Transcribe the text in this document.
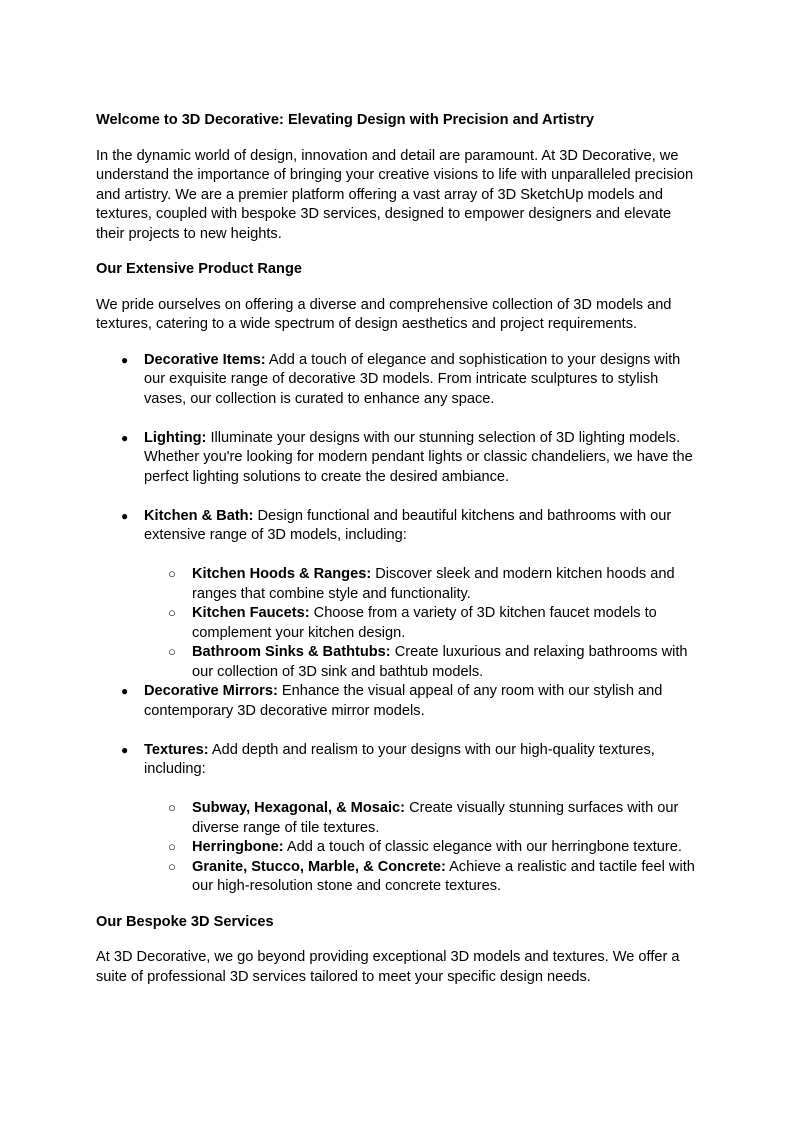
Welcome to 3D Decorative: Elevating Design with Precision and Artistry

In the dynamic world of design, innovation and detail are paramount. At 3D Decorative, we understand the importance of bringing your creative visions to life with unparalleled precision and artistry. We are a premier platform offering a vast array of 3D SketchUp models and textures, coupled with bespoke 3D services, designed to empower designers and elevate their projects to new heights.

Our Extensive Product Range

We pride ourselves on offering a diverse and comprehensive collection of 3D models and textures, catering to a wide spectrum of design aesthetics and project requirements.

● Decorative Items: Add a touch of elegance and sophistication to your designs with our exquisite range of decorative 3D models. From intricate sculptures to stylish vases, our collection is curated to enhance any space.
● Lighting: Illuminate your designs with our stunning selection of 3D lighting models. Whether you're looking for modern pendant lights or classic chandeliers, we have the perfect lighting solutions to create the desired ambiance.
● Kitchen & Bath: Design functional and beautiful kitchens and bathrooms with our extensive range of 3D models, including:
○ Kitchen Hoods & Ranges: Discover sleek and modern kitchen hoods and ranges that combine style and functionality.
○ Kitchen Faucets: Choose from a variety of 3D kitchen faucet models to complement your kitchen design.
○ Bathroom Sinks & Bathtubs: Create luxurious and relaxing bathrooms with our collection of 3D sink and bathtub models.
● Decorative Mirrors: Enhance the visual appeal of any room with our stylish and contemporary 3D decorative mirror models.
● Textures: Add depth and realism to your designs with our high-quality textures, including:
○ Subway, Hexagonal, & Mosaic: Create visually stunning surfaces with our diverse range of tile textures.
○ Herringbone: Add a touch of classic elegance with our herringbone texture.
○ Granite, Stucco, Marble, & Concrete: Achieve a realistic and tactile feel with our high-resolution stone and concrete textures.

Our Bespoke 3D Services

At 3D Decorative, we go beyond providing exceptional 3D models and textures. We offer a suite of professional 3D services tailored to meet your specific design needs.
